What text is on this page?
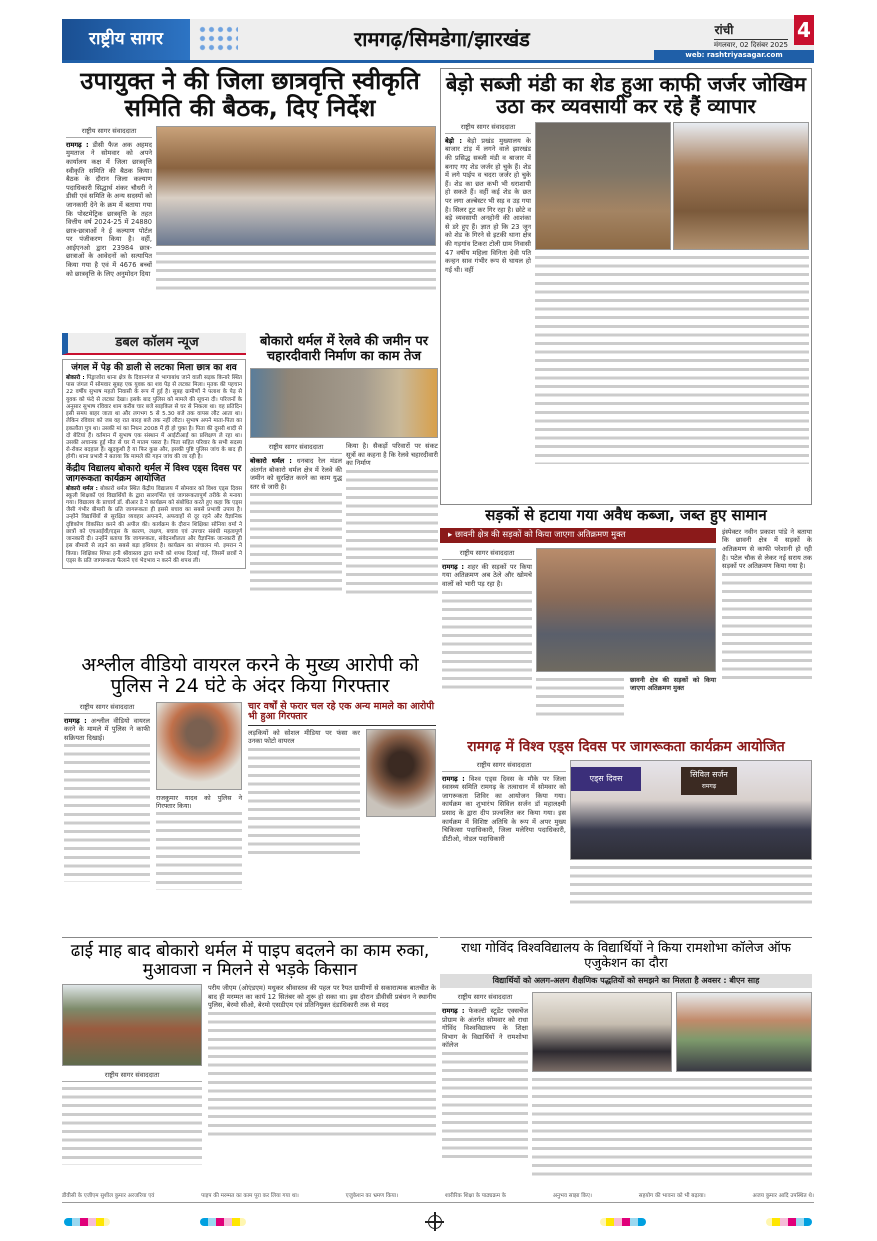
राष्ट्रीय सागर	रामगढ़/सिमडेगा/झारखंड	रांची
मंगलवार, 02 दिसंबर 2025
4
web: rashtriyasagar.com
उपायुक्त ने की जिला छात्रवृत्ति स्वीकृति समिति की बैठक, दिए निर्देश
राष्ट्रीय सागर संवाददाता
रामगढ़ : डीसी फैज अक अहमद मुमताज ने सोमवार को अपने कार्यालय कक्ष में जिला छात्रवृत्ति स्वीकृति समिति की बैठक किया। बैठक के दौरान जिला कल्याण पदाधिकारी सिद्धार्थ शंकर चौधरी ने डीसी एवं समिति के अन्य सदस्यों को जानकारी देने के क्रम में बताया गया कि पोस्टमेट्रिक छात्रवृत्ति के तहत वित्तीय वर्ष 2024-25 में 24880 छात्र-छात्राओं ने ई कल्याण पोर्टल पर पंजीकरण किया है। वहीं, आईएनओ द्वारा 23984 छात्र-छात्राओं के आवेदनों को सत्यापित किया गया है एवं में 4676 बच्चों को छात्रवृत्ति के लिए अनुमोदन दिया
बेड़ो सब्जी मंडी का शेड हुआ काफी जर्जर जोखिम उठा कर व्यवसायी कर रहे हैं व्यापार
राष्ट्रीय सागर संवाददाता
बेड़ो : बेड़ो प्रखंड मुख्यालय के बाजार टांड़ में लगने वाले झारखंड की प्रसिद्ध सब्जी मंडी व बाजार में बनाए गए शेड जर्जर हो चुके हैं। शेड में लगे पाईप व चदरा जर्जर हो चुके हैं। शेड का छत कभी भी धराशायी हो सकते हैं। वहीं कई शेड के छत पर लगा अल्बेस्टर भी सड़ व उड़ गया है। सिलर टूट कर गिर रहा है। छोटे व बड़े व्यवसायी अनहोनी की आशंका से डरे हुए हैं। ज्ञात हो कि 23 जून को शेड के गिरने से इटकी थाना क्षेत्र की गड़गांव टिकरा टोली ग्राम निवासी 47 वर्षीय महिला विनिता देवी पति कन्हन साव गंभीर रूप से घायल हो गई थी। वहीं
डबल कॉलम न्यूज
जंगल में पेड़ की डाली से लटका मिला छात्र का शव
बोकारो : पिंड्राजोरा थाना क्षेत्र के दिवानगंज से भागाबांध जाने वाली सड़क किनारे स्थित पास जंगल में सोमवार सुबह एक युवक का शव पेड़ से लटका मिला। मृतक की पहचान 22 वर्षीय सुभाष महतो निवासी के रूप में हुई है। सुबह ग्रामीणों ने पलाश के पेड़ से युवक को फंदे से लटका देखा। इसके बाद पुलिस को मामले की सूचना दी। परिजनों के अनुसार सुभाष रविवार शाम करीब चार बजे साइकिल से घर से निकला था। वह प्रतिदिन इसी समय बाहर जाता था और लगभग 5 से 5.30 बजे तक वापस लौट आता था। लेकिन रविवार को जब वह रात बारह बजे तक नहीं लौटा। सुभाष अपने माता-पिता का इकलौता पुत्र था। उसकी मां का निधन 2008 में ही हो चुका है। पिता की दूसरी शादी से दो बेटियां हैं। वर्तमान में सुभाष एक संस्थान में आईटीआई का प्रशिक्षण ले रहा था। उसकी अचानक हुई मौत से घर में मातम पसरा है। पिता सहित परिवार के सभी सदस्य रो-रोकर बदहाल हैं। खुदकुशी है या फिर कुछ और, इसकी पुष्टि पुलिस जांच के बाद ही होगी। थाना प्रभारी ने बताया कि मामले की गहन जांच की जा रही है।
केंद्रीय विद्यालय बोकारो थर्मल में विश्व एड्स दिवस पर जागरूकता कार्यक्रम आयोजित
बोकारो थर्मल : बोकारो थर्मल स्थित केंद्रीय विद्यालय में सोमवार को विश्व एड्स दिवस स्कूली शिक्षकों एवं विद्यार्थियों के द्वारा सारगर्भित एवं जागरूकतापूर्ण तरीके से मनाया गया। विद्यालय के प्राचार्य डॉ. बीआर डे ने कार्यक्रम को संबोधित करते हुए कहा कि एड्स जैसी गंभीर बीमारी के प्रति जागरूकता ही इससे बचाव का सबसे प्रभावी उपाय है। उन्होंने विद्यार्थियों से सुरक्षित व्यवहार अपनाने, अफवाहों से दूर रहने और वैज्ञानिक दृष्टिकोण विकसित करने की अपील की। कार्यक्रम के दौरान शिक्षिका सोनिया वर्मा ने छात्रों को एचआईवी/एड्स के कारण, लक्षण, बचाव एवं उपचार संबंधी महत्वपूर्ण जानकारी दी। उन्होंने बताया कि जागरूकता, संवेदनशीलता और वैज्ञानिक जानकारी ही इस बीमारी से लड़ने का सबसे बड़ा हथियार है। कार्यक्रम का संचालन मो. इमरान ने किया। शिक्षिका शिफा हनी श्रीवास्तव द्वारा सभी को शपथ दिलाई गई, जिसमें छात्रों ने एड्स के प्रति जागरूकता फैलाने एवं भेदभाव न करने की शपथ ली।
बोकारो थर्मल में रेलवे की जमीन पर चहारदीवारी निर्माण का काम तेज
राष्ट्रीय सागर संवाददाता
बोकारो थर्मल : धनबाद रेल मंडल अंतर्गत बोकारो थर्मल क्षेत्र में रेलवे की जमीन को सुरक्षित करने का काम युद्ध स्तर से जारी है।
किया है। सैकड़ों परिवारों पर संकट सूत्रों का कहना है कि रेलवे चहारदीवारी का निर्माण
सड़कों से हटाया गया अवैध कब्जा, जब्त हुए सामान
▸ छावनी क्षेत्र की सड़कों को किया जाएगा अतिक्रमण मुक्त
राष्ट्रीय सागर संवाददाता
रामगढ़ : शहर की सड़कों पर किया गया अतिक्रमण अब ठेले और खोमचे वालों को भारी पड़ रहा है।
इंस्पेक्टर नवीन प्रकाश पांडे ने बताया कि छावनी क्षेत्र में सड़कों के अतिक्रमण से काफी परेशानी हो रही है। पटेल चौक से लेकर नई सराय तक सड़कों पर अतिक्रमण किया गया है।
छावनी क्षेत्र की सड़कों को किया जाएगा अतिक्रमण मुक्त
अश्लील वीडियो वायरल करने के मुख्य आरोपी को पुलिस ने 24 घंटे के अंदर किया गिरफ्तार
राष्ट्रीय सागर संवाददाता
रामगढ़ : अश्लील वीडियो वायरल करने के मामले में पुलिस ने काफी सक्रियता दिखाई।
राजकुमार यादव को पुलिस ने गिरफ्तार किया।
चार वर्षों से फरार चल रहे एक अन्य मामले का आरोपी भी हुआ गिरफ्तार
लड़कियों को सोशल मीडिया पर फंसा कर उनका फोटो वायरल	रामगढ़ में विश्व एड्स दिवस पर जागरूकता कार्यक्रम आयोजित
राष्ट्रीय सागर संवाददाता
रामगढ़ : विश्व एड्स दिवस के मौके पर जिला स्वास्थ्य समिति रामगढ़ के तत्वाधान में सोमवार को जागरूकता शिविर का आयोजन किया गया। कार्यक्रम का शुभारंभ सिविल सर्जन डॉ महालक्ष्मी प्रसाद के द्वारा दीप प्रज्वलित कर किया गया। इस कार्यक्रम में विशिष्ट अतिथि के रूप में अपर मुख्य चिकित्सा पदाधिकारी, जिला मलेरिया पदाधिकारी, डीटीओ, नोडल पदाधिकारी
एड्स दिवस	सिविल सर्जन
रामगढ़
ढाई माह बाद बोकारो थर्मल में पाइप बदलने का काम रुका, मुआवजा न मिलने से भड़के किसान
राष्ट्रीय सागर संवाददाता
परीय जीएम (ओएंडएम) मधुकर श्रीवास्तव की पहल पर रैयत ग्रामीणों से सकारात्मक बातचीत के बाद ही मरम्मत का कार्य 12 सितंबर को शुरू हो सका था। इस दौरान डीवीसी प्रबंधन ने स्थानीय पुलिस, बेरमो सीओ, बेरमो एसडीएम एवं प्रतिनियुक्त दंडाधिकारी तक से मदद
राधा गोविंद विश्वविद्यालय के विद्यार्थियों ने किया रामशोभा कॉलेज ऑफ एजुकेशन का दौरा
विद्यार्थियों को अलग-अलग शैक्षणिक पद्धतियों को समझने का मिलता है अवसर : बीएन साह
राष्ट्रीय सागर संवाददाता
रामगढ़ : फेकल्टी स्टूडेंट एक्सचेंज प्रोग्राम के अंतर्गत सोमवार को राधा गोविंद विश्वविद्यालय के शिक्षा विभाग के विद्यार्थियों ने रामशोभा कॉलेज
डीवीसी के एजीएम सुशील कुमार अरजरिया एवं	पाइप की मरम्मत का काम पूरा कर लिया गया था।	एजुकेशन का भ्रमण किया।	शारीरिक शिक्षा के पाठ्यक्रम के	अनुभव साझा किए।	सहयोग की भावना को भी बढ़ाया।	अजय कुमार आदि उपस्थित थे।
